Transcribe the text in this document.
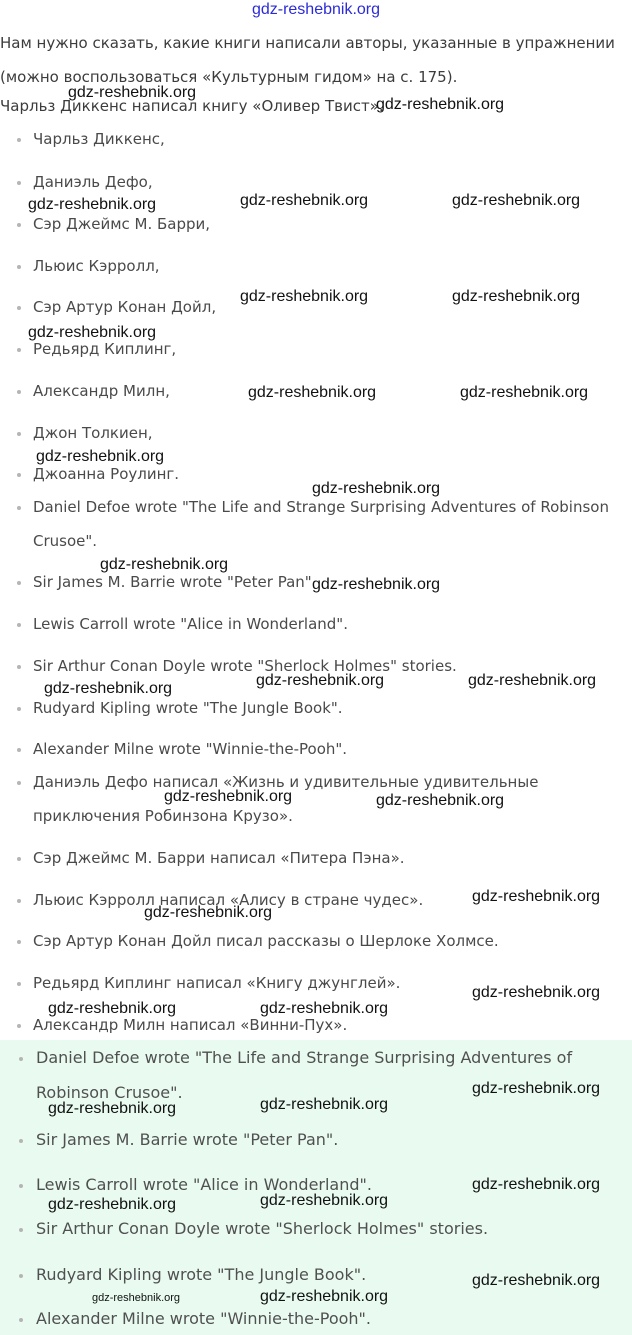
gdz-reshebnik.org
Нам нужно сказать, какие книги написали авторы, указанные в упражнении
(можно воспользоваться «Культурным гидом» на с. 175).
Чарльз Диккенс написал книгу «Оливер Твист».
Чарльз Диккенс,
Даниэль Дефо,
Сэр Джеймс М. Барри,
Льюис Кэрролл,
Сэр Артур Конан Дойл,
Редьярд Киплинг,
Александр Милн,
Джон Толкиен,
Джоанна Роулинг.
Daniel Defoe wrote "The Life and Strange Surprising Adventures of Robinson
Crusoe".
Sir James M. Barrie wrote "Peter Pan"
Lewis Carroll wrote "Alice in Wonderland".
Sir Arthur Conan Doyle wrote "Sherlock Holmes" stories.
Rudyard Kipling wrote "The Jungle Book".
Alexander Milne wrote "Winnie-the-Pooh".
Даниэль Дефо написал «Жизнь и удивительные удивительные
приключения Робинзона Крузо».
Сэр Джеймс М. Барри написал «Питера Пэна».
Льюис Кэрролл написал «Алису в стране чудес».
Сэр Артур Конан Дойл писал рассказы о Шерлоке Холмсе.
Редьярд Киплинг написал «Книгу джунглей».
Александр Милн написал «Винни-Пух».
Daniel Defoe wrote "The Life and Strange Surprising Adventures of
Robinson Crusoe".
Sir James M. Barrie wrote "Peter Pan".
Lewis Carroll wrote "Alice in Wonderland".
Sir Arthur Conan Doyle wrote "Sherlock Holmes" stories.
Rudyard Kipling wrote "The Jungle Book".
Alexander Milne wrote "Winnie-the-Pooh".
gdz-reshebnik.org
gdz-reshebnik.org
gdz-reshebnik.org	gdz-reshebnik.org	gdz-reshebnik.org
gdz-reshebnik.org	gdz-reshebnik.org
gdz-reshebnik.org
gdz-reshebnik.org	gdz-reshebnik.org
gdz-reshebnik.org
gdz-reshebnik.org
gdz-reshebnik.org
gdz-reshebnik.org
gdz-reshebnik.org	gdz-reshebnik.org	gdz-reshebnik.org
gdz-reshebnik.org	gdz-reshebnik.org
gdz-reshebnik.org
gdz-reshebnik.org
gdz-reshebnik.org
gdz-reshebnik.org	gdz-reshebnik.org
gdz-reshebnik.org
gdz-reshebnik.org	gdz-reshebnik.org
gdz-reshebnik.org
gdz-reshebnik.org
gdz-reshebnik.org
gdz-reshebnik.org
gdz-reshebnik.org	gdz-reshebnik.org
